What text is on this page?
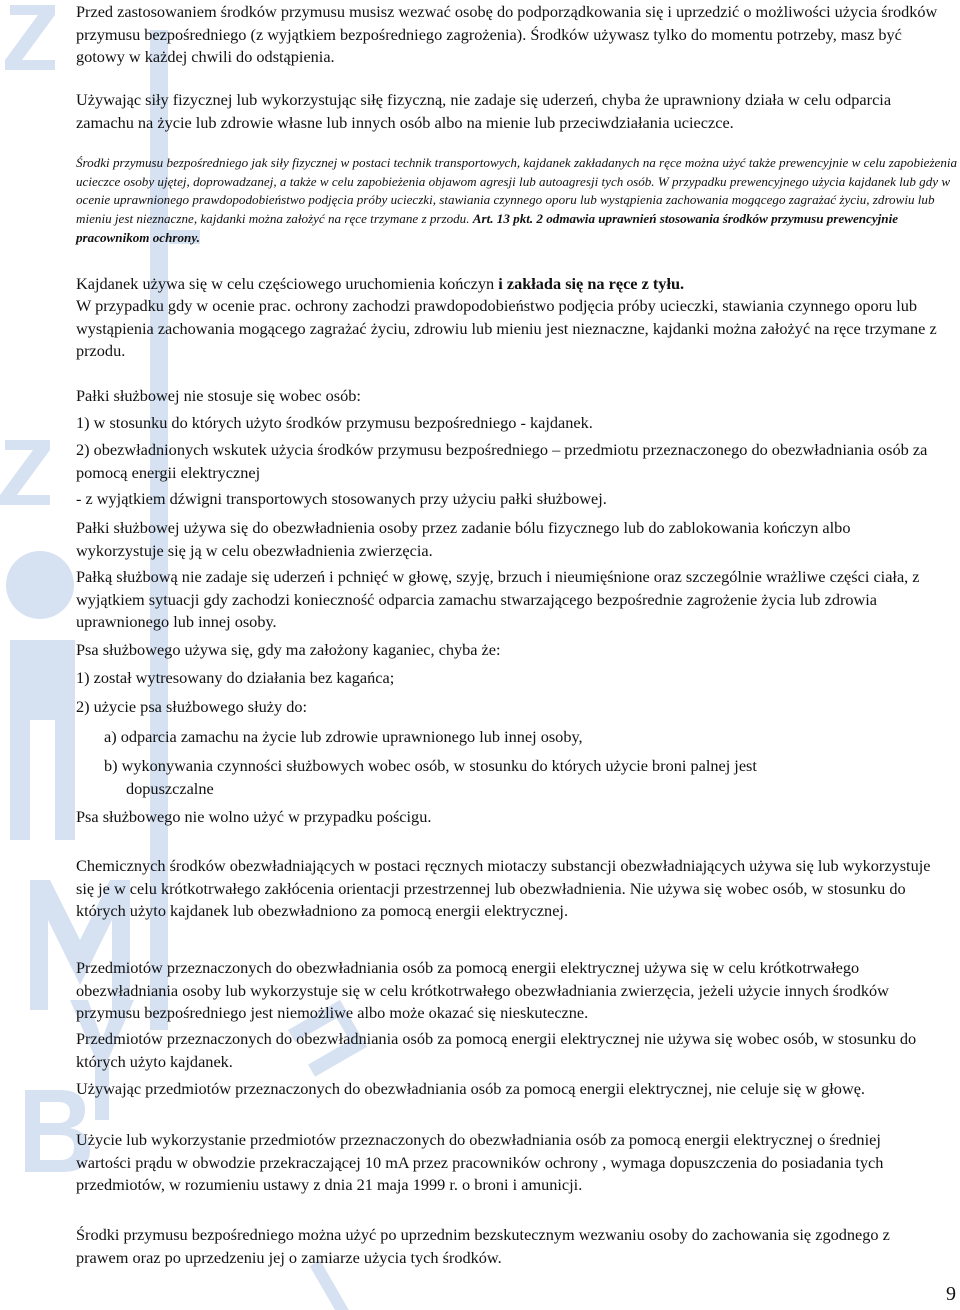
Przed zastosowaniem środków przymusu musisz wezwać osobę do podporządkowania się i uprzedzić o możliwości użycia środków przymusu bezpośredniego (z wyjątkiem bezpośredniego zagrożenia). Środków używasz tylko do momentu potrzeby, masz być gotowy w każdej chwili do odstąpienia.

Używając siły fizycznej lub wykorzystując siłę fizyczną, nie zadaje się uderzeń, chyba że uprawniony działa w celu odparcia zamachu na życie lub zdrowie własne lub innych osób albo na mienie lub przeciwdziałania ucieczce.

Środki przymusu bezpośredniego jak siły fizycznej w postaci technik transportowych, kajdanek zakładanych na ręce można użyć także prewencyjnie w celu zapobieżenia ucieczce osoby ujętej, doprowadzanej, a także w celu zapobieżenia objawom agresji lub autoagresji tych osób. W przypadku prewencyjnego użycia kajdanek lub gdy w ocenie uprawnionego prawdopodobieństwo podjęcia próby ucieczki, stawiania czynnego oporu lub wystąpienia zachowania mogącego zagrażać życiu, zdrowiu lub mieniu jest nieznaczne, kajdanki można założyć na ręce trzymane z przodu. Art. 13 pkt. 2 odmawia uprawnień stosowania środków przymusu prewencyjnie pracownikom ochrony.

Kajdanek używa się w celu częściowego uruchomienia kończyn i zakłada się na ręce z tyłu.

W przypadku gdy w ocenie prac. ochrony zachodzi prawdopodobieństwo podjęcia próby ucieczki, stawiania czynnego oporu lub wystąpienia zachowania mogącego zagrażać życiu, zdrowiu lub mieniu jest nieznaczne, kajdanki można założyć na ręce trzymane z przodu.

Pałki służbowej nie stosuje się wobec osób:

1) w stosunku do których użyto środków przymusu bezpośredniego - kajdanek.

2) obezwładnionych wskutek użycia środków przymusu bezpośredniego – przedmiotu przeznaczonego do obezwładniania osób za pomocą energii elektrycznej

- z wyjątkiem dźwigni transportowych stosowanych przy użyciu pałki służbowej.

Pałki służbowej używa się do obezwładnienia osoby przez zadanie bólu fizycznego lub do zablokowania kończyn albo wykorzystuje się ją w celu obezwładnienia zwierzęcia.

Pałką służbową nie zadaje się uderzeń i pchnięć w głowę, szyję, brzuch i nieumięśnione oraz szczególnie wrażliwe części ciała, z wyjątkiem sytuacji gdy zachodzi konieczność odparcia zamachu stwarzającego bezpośrednie zagrożenie życia lub zdrowia uprawnionego lub innej osoby.

Psa służbowego używa się, gdy ma założony kaganiec, chyba że:

1) został wytresowany do działania bez kagańca;

2) użycie psa służbowego służy do:

a) odparcia zamachu na życie lub zdrowie uprawnionego lub innej osoby,

b) wykonywania czynności służbowych wobec osób, w stosunku do których użycie broni palnej jest
dopuszczalne

Psa służbowego nie wolno użyć w przypadku pościgu.

Chemicznych środków obezwładniających w postaci ręcznych miotaczy substancji obezwładniających używa się lub wykorzystuje się je w celu krótkotrwałego zakłócenia orientacji przestrzennej lub obezwładnienia. Nie używa się wobec osób, w stosunku do których użyto kajdanek lub obezwładniono za pomocą energii elektrycznej.

Przedmiotów przeznaczonych do obezwładniania osób za pomocą energii elektrycznej używa się w celu krótkotrwałego obezwładniania osoby lub wykorzystuje się w celu krótkotrwałego obezwładniania zwierzęcia, jeżeli użycie innych środków przymusu bezpośredniego jest niemożliwe albo może okazać się nieskuteczne.

Przedmiotów przeznaczonych do obezwładniania osób za pomocą energii elektrycznej nie używa się wobec osób, w stosunku do których użyto kajdanek.

Używając przedmiotów przeznaczonych do obezwładniania osób za pomocą energii elektrycznej, nie celuje się w głowę.

Użycie lub wykorzystanie przedmiotów przeznaczonych do obezwładniania osób za pomocą energii elektrycznej o średniej wartości prądu w obwodzie przekraczającej 10 mA przez pracowników ochrony , wymaga dopuszczenia do posiadania tych przedmiotów, w rozumieniu ustawy z dnia 21 maja 1999 r. o broni i amunicji.

Środki przymusu bezpośredniego można użyć po uprzednim bezskutecznym wezwaniu osoby do zachowania się zgodnego z prawem oraz po uprzedzeniu jej o zamiarze użycia tych środków.

9
